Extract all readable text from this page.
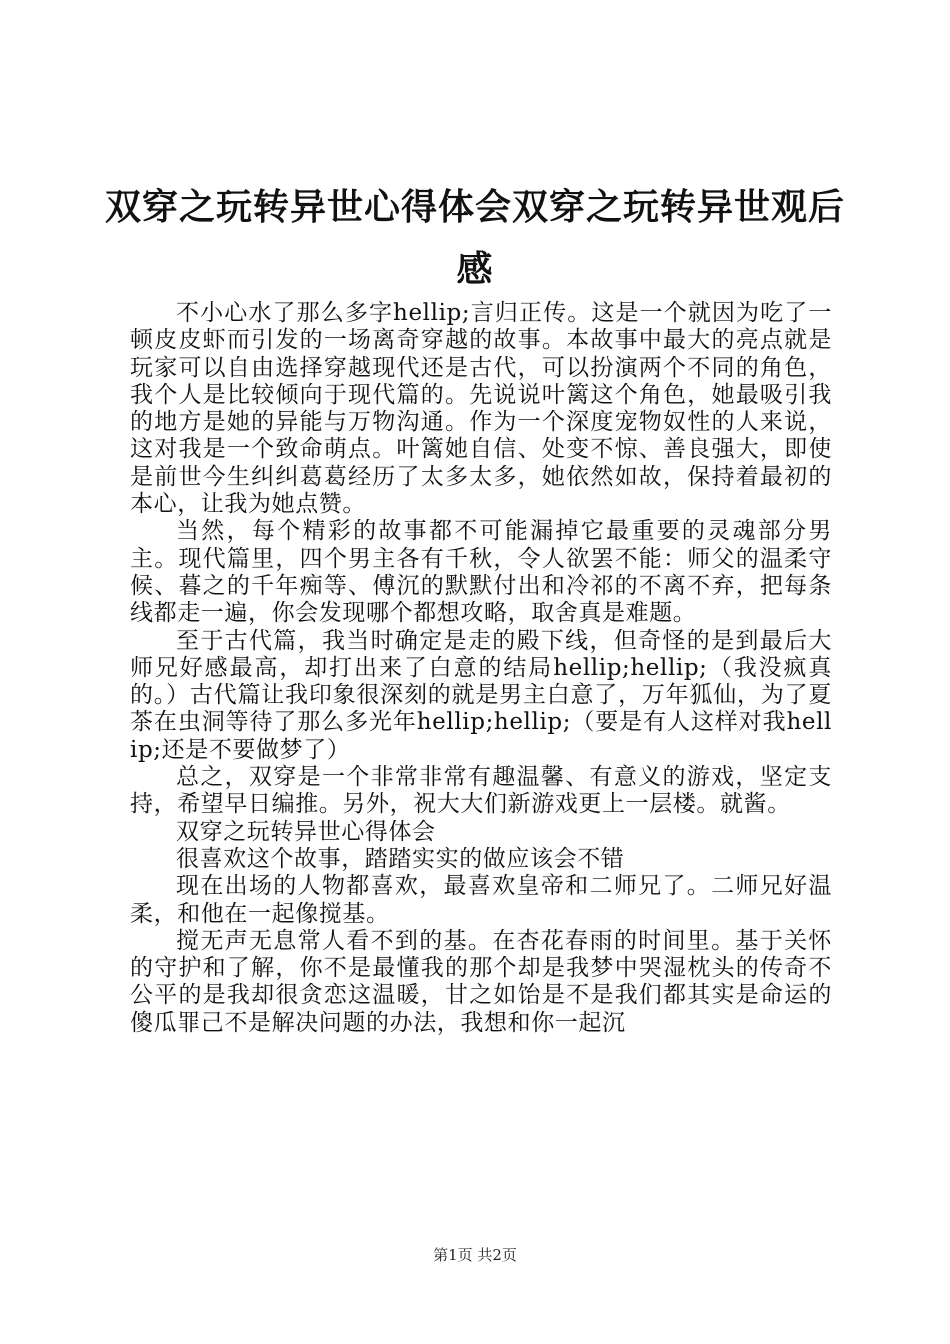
双穿之玩转异世心得体会双穿之玩转异世观后感

不小心水了那么多字hellip;言归正传。这是一个就因为吃了一顿皮皮虾而引发的一场离奇穿越的故事。本故事中最大的亮点就是玩家可以自由选择穿越现代还是古代，可以扮演两个不同的角色，我个人是比较倾向于现代篇的。先说说叶篱这个角色，她最吸引我的地方是她的异能与万物沟通。作为一个深度宠物奴性的人来说，这对我是一个致命萌点。叶篱她自信、处变不惊、善良强大，即使是前世今生纠纠葛葛经历了太多太多，她依然如故，保持着最初的本心，让我为她点赞。

当然，每个精彩的故事都不可能漏掉它最重要的灵魂部分男主。现代篇里，四个男主各有千秋，令人欲罢不能：师父的温柔守候、暮之的千年痴等、傅沉的默默付出和冷祁的不离不弃，把每条线都走一遍，你会发现哪个都想攻略，取舍真是难题。

至于古代篇，我当时确定是走的殿下线，但奇怪的是到最后大师兄好感最高，却打出来了白意的结局hellip;hellip;（我没疯真的。）古代篇让我印象很深刻的就是男主白意了，万年狐仙，为了夏茶在虫洞等待了那么多光年hellip;hellip;（要是有人这样对我hellip;还是不要做梦了）

总之，双穿是一个非常非常有趣温馨、有意义的游戏，坚定支持，希望早日编推。另外，祝大大们新游戏更上一层楼。就酱。

双穿之玩转异世心得体会

很喜欢这个故事，踏踏实实的做应该会不错

现在出场的人物都喜欢，最喜欢皇帝和二师兄了。二师兄好温柔，和他在一起像搅基。

搅无声无息常人看不到的基。在杏花春雨的时间里。基于关怀的守护和了解，你不是最懂我的那个却是我梦中哭湿枕头的传奇不公平的是我却很贪恋这温暖，甘之如饴是不是我们都其实是命运的傻瓜罪己不是解决问题的办法，我想和你一起沉

第1页 共2页
